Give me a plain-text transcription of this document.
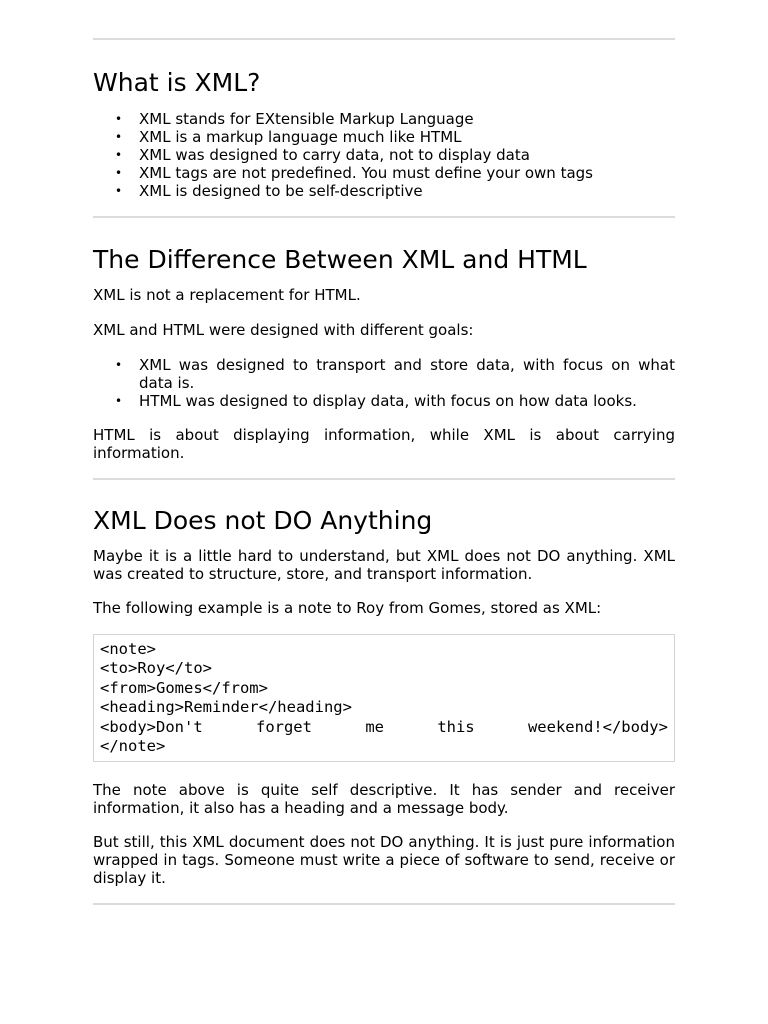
What is XML?
• XML stands for EXtensible Markup Language
• XML is a markup language much like HTML
• XML was designed to carry data, not to display data
• XML tags are not predefined. You must define your own tags
• XML is designed to be self-descriptive
The Difference Between XML and HTML

XML is not a replacement for HTML.

XML and HTML were designed with different goals:

• XML was designed to transport and store data, with focus on what data is.
• HTML was designed to display data, with focus on how data looks.

HTML is about displaying information, while XML is about carrying information.

XML Does not DO Anything

Maybe it is a little hard to understand, but XML does not DO anything. XML was created to structure, store, and transport information.

The following example is a note to Roy from Gomes, stored as XML:

<note>
<to>Roy</to>
<from>Gomes</from>
<heading>Reminder</heading>
<body>Don't	forget	me	this	weekend!</body>
</note>

The note above is quite self descriptive. It has sender and receiver information, it also has a heading and a message body.

But still, this XML document does not DO anything. It is just pure information wrapped in tags. Someone must write a piece of software to send, receive or display it.
